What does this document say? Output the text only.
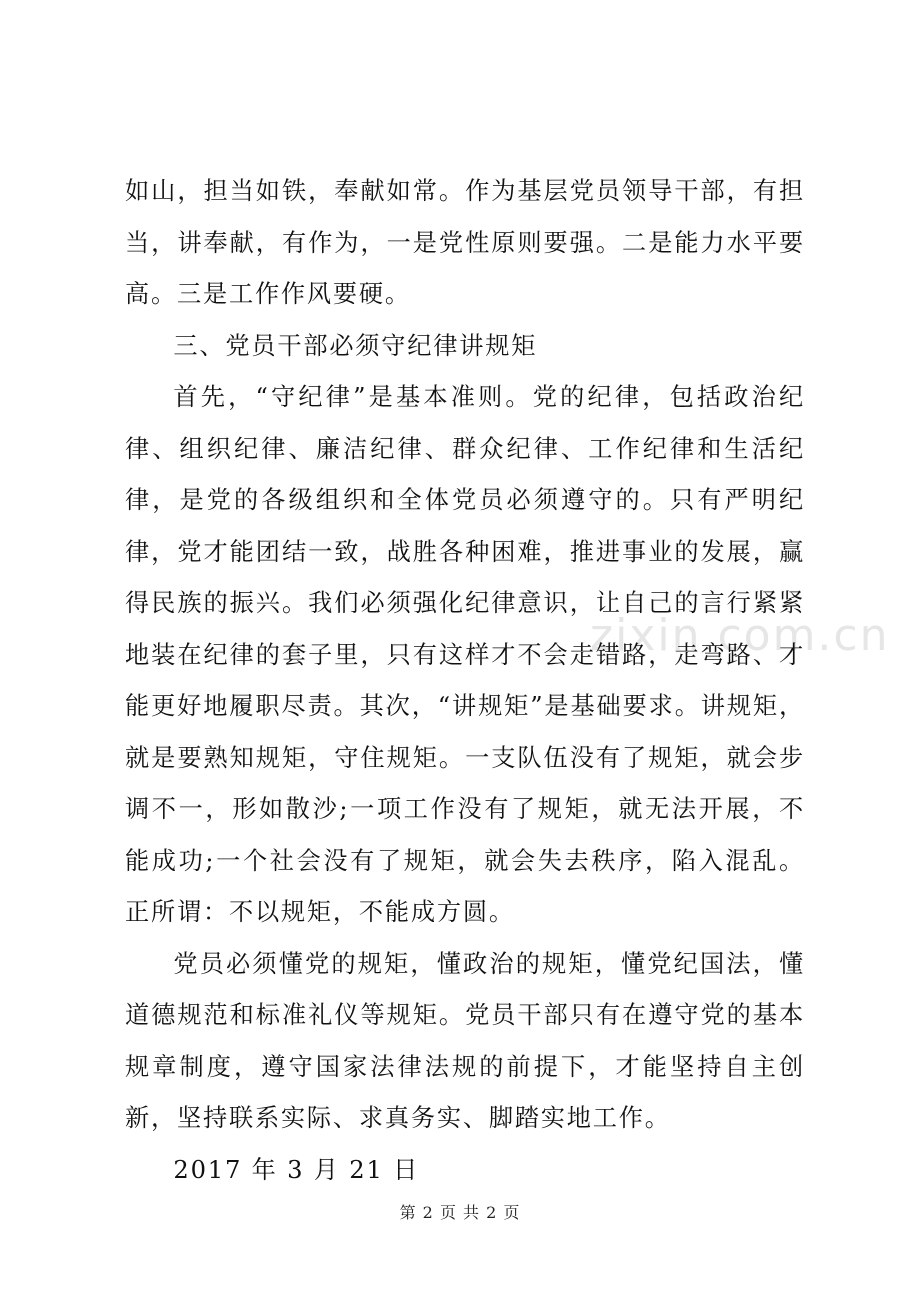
zixin.com.cn

如山，担当如铁，奉献如常。作为基层党员领导干部，有担当，讲奉献，有作为，一是党性原则要强。二是能力水平要高。三是工作作风要硬。

三、党员干部必须守纪律讲规矩

首先，“守纪律”是基本准则。党的纪律，包括政治纪律、组织纪律、廉洁纪律、群众纪律、工作纪律和生活纪律，是党的各级组织和全体党员必须遵守的。只有严明纪律，党才能团结一致，战胜各种困难，推进事业的发展，赢得民族的振兴。我们必须强化纪律意识，让自己的言行紧紧地装在纪律的套子里，只有这样才不会走错路，走弯路、才能更好地履职尽责。其次，“讲规矩”是基础要求。讲规矩，就是要熟知规矩，守住规矩。一支队伍没有了规矩，就会步调不一，形如散沙;一项工作没有了规矩，就无法开展，不能成功;一个社会没有了规矩，就会失去秩序，陷入混乱。正所谓：不以规矩，不能成方圆。

党员必须懂党的规矩，懂政治的规矩，懂党纪国法，懂道德规范和标准礼仪等规矩。党员干部只有在遵守党的基本规章制度，遵守国家法律法规的前提下，才能坚持自主创新，坚持联系实际、求真务实、脚踏实地工作。

2017 年 3 月 21 日

第 2 页 共 2 页
